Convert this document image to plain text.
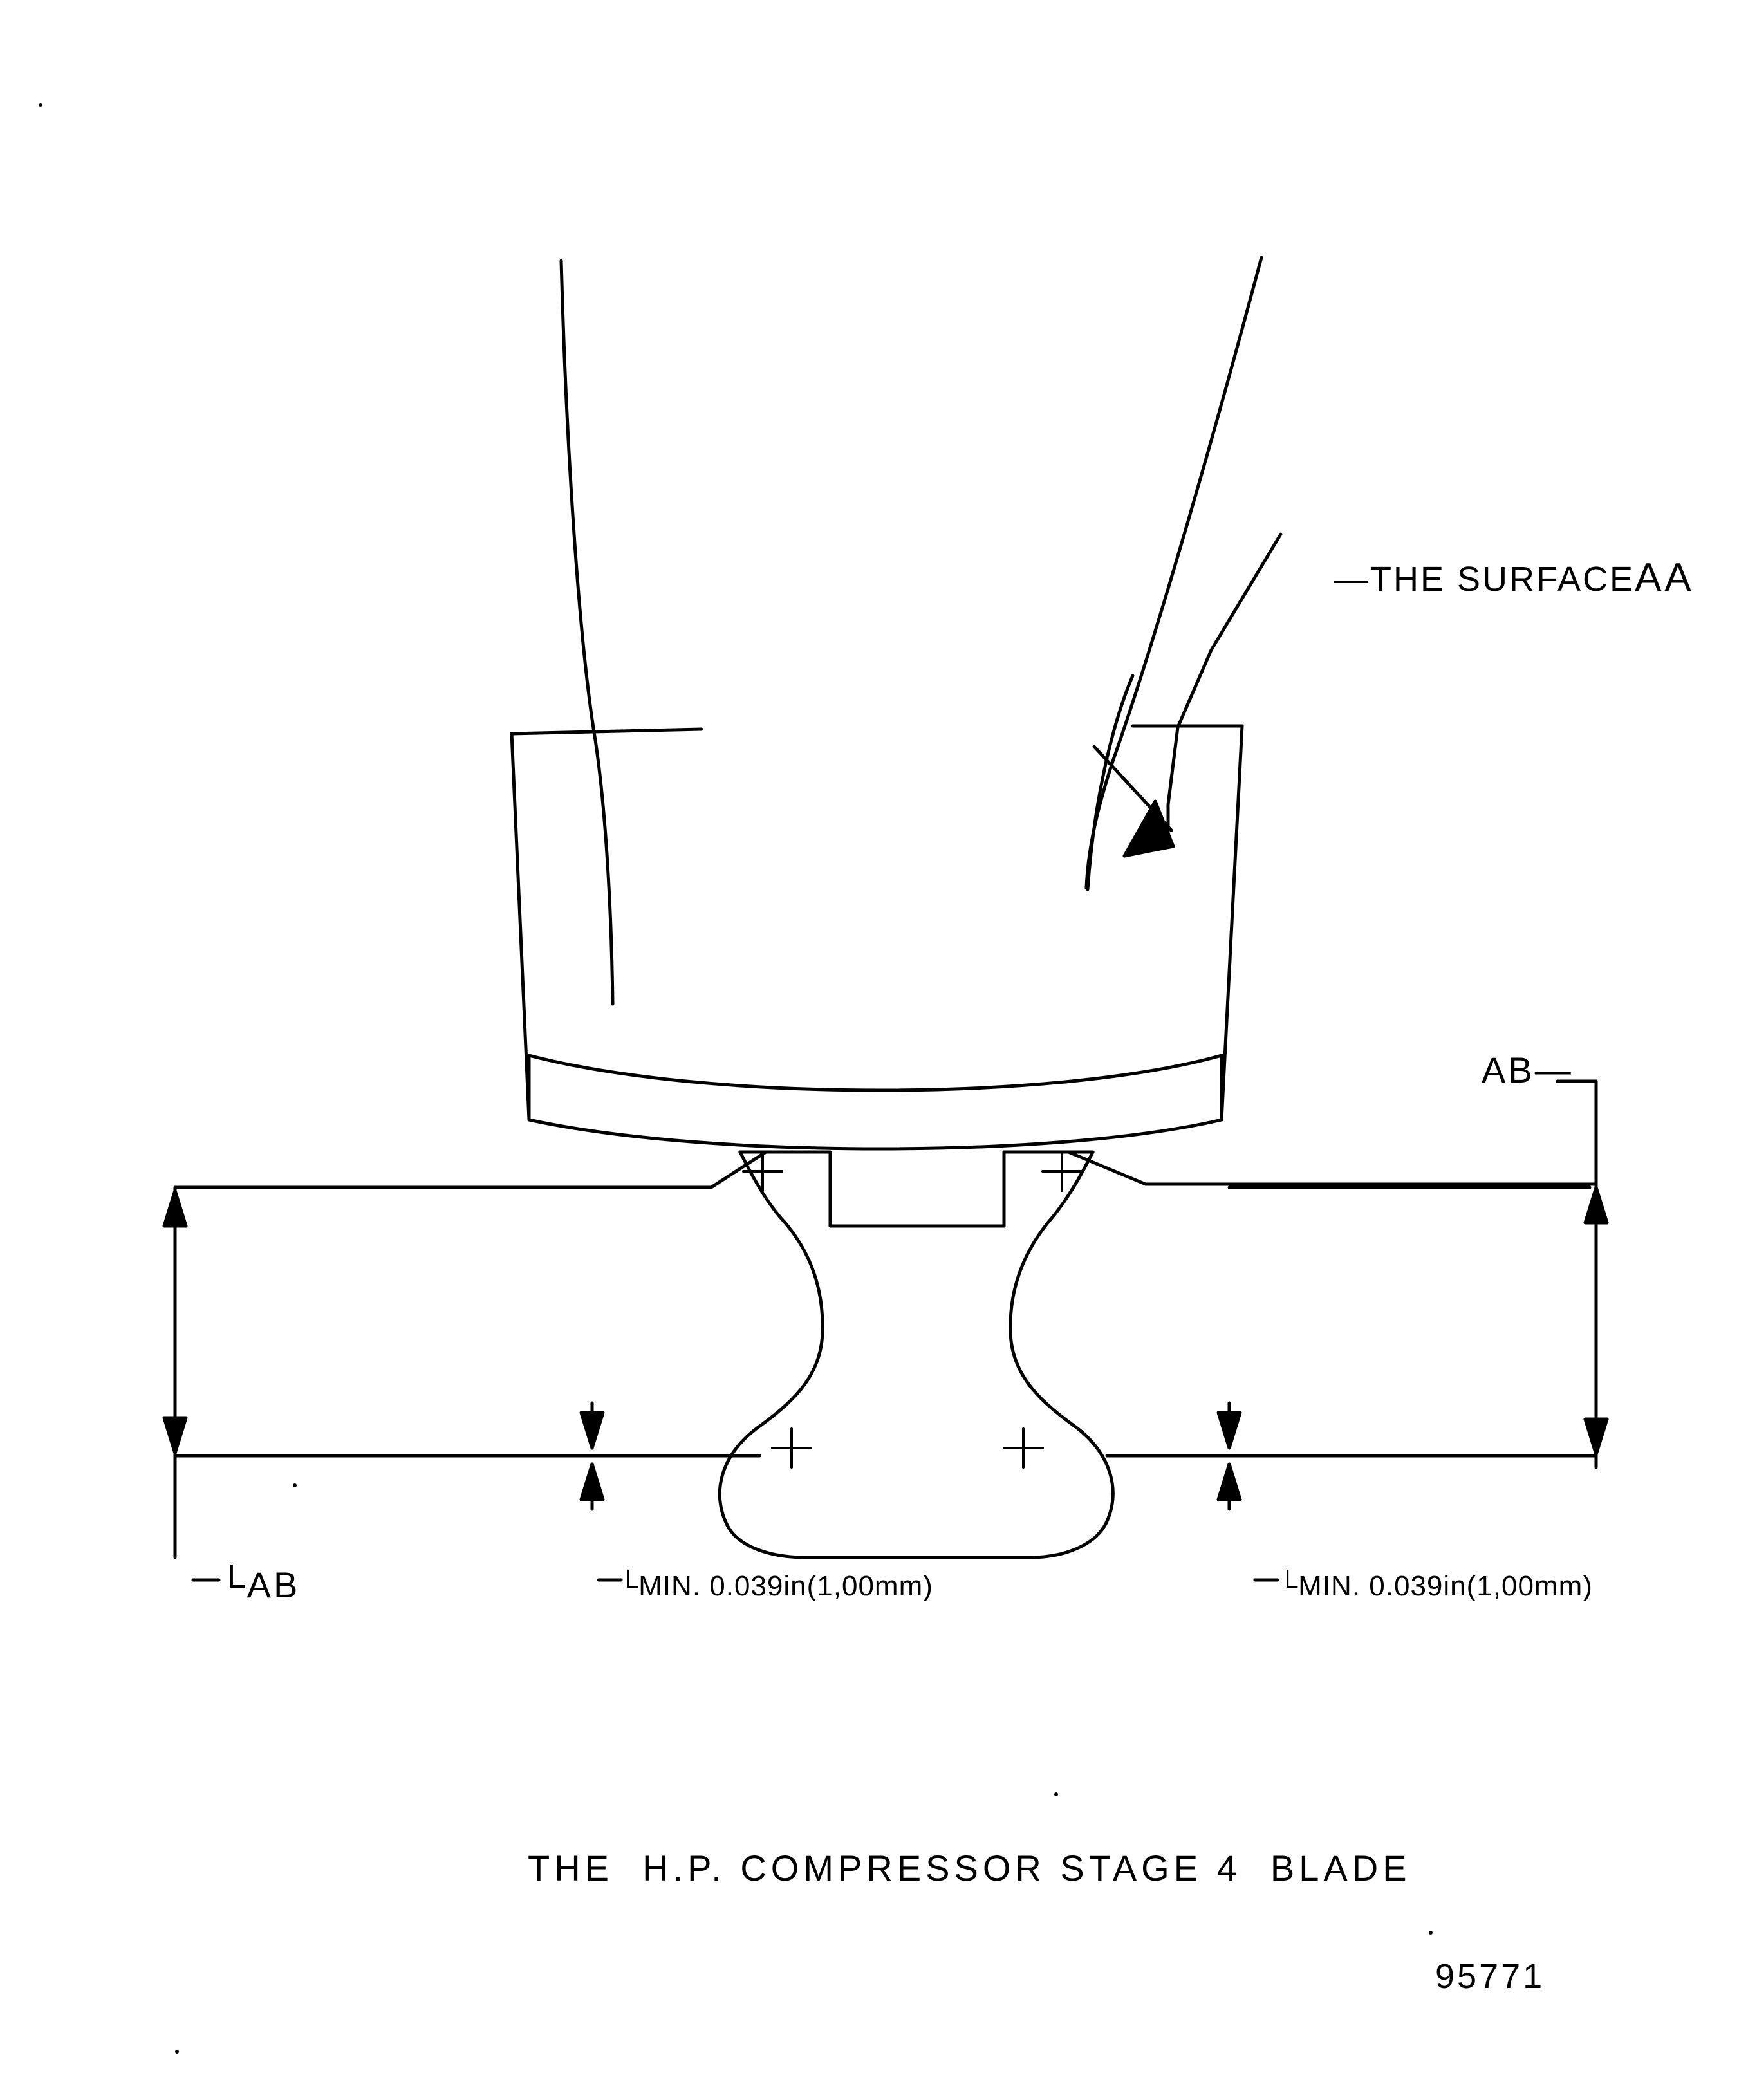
—THE SURFACEAA

AB—
└AB	└MIN. 0.039in(1,00mm)	└MIN. 0.039in(1,00mm)
THE  H.P. COMPRESSOR STAGE 4  BLADE
95771
